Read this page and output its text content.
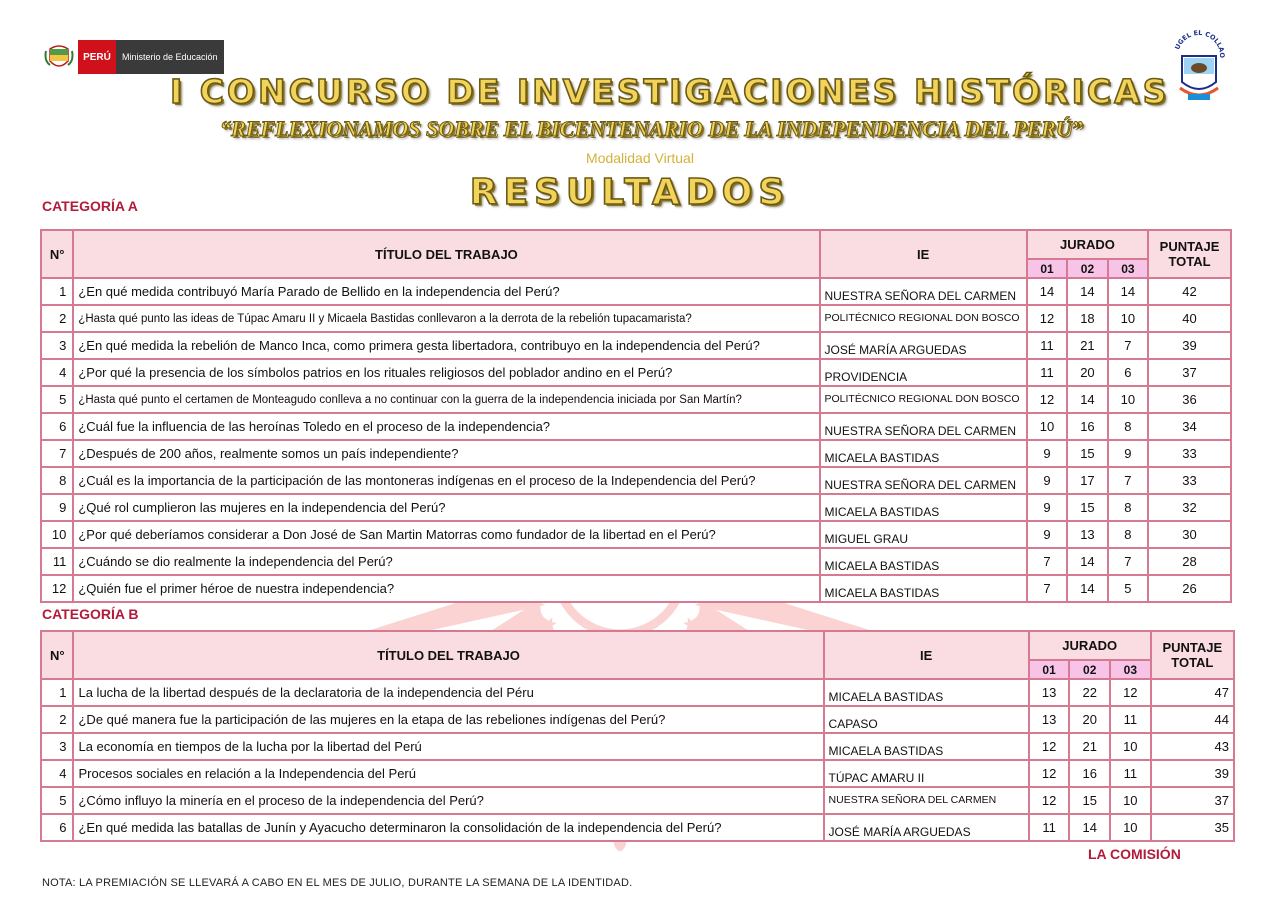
PERÚ	Ministerio de Educación
UGEL EL COLLAO
I CONCURSO DE INVESTIGACIONES HISTÓRICAS
“REFLEXIONAMOS SOBRE EL BICENTENARIO DE LA INDEPENDENCIA DEL PERÚ”
Modalidad Virtual
RESULTADOS
CATEGORÍA A
N°	TÍTULO DEL TRABAJO	IE	JURADO			PUNTAJE TOTAL
			01	02	03	
1	¿En qué medida contribuyó María Parado de Bellido en la independencia del Perú?	NUESTRA SEÑORA DEL CARMEN	14	14	14	42
2	¿Hasta qué punto las ideas de Túpac Amaru II y Micaela Bastidas conllevaron a la derrota de la rebelión tupacamarista?	POLITÉCNICO REGIONAL DON BOSCO	12	18	10	40
3	¿En qué medida la rebelión de Manco Inca, como primera gesta libertadora, contribuyo en la independencia del Perú?	JOSÉ MARÍA ARGUEDAS	11	21	7	39
4	¿Por qué la presencia de los símbolos patrios en los rituales religiosos del poblador andino en el Perú?	PROVIDENCIA	11	20	6	37
5	¿Hasta qué punto el certamen de Monteagudo conlleva a no continuar con la guerra de la independencia iniciada por San Martín?	POLITÉCNICO REGIONAL DON BOSCO	12	14	10	36
6	¿Cuál fue la influencia de las heroínas Toledo en el proceso de la independencia?	NUESTRA SEÑORA DEL CARMEN	10	16	8	34
7	¿Después de 200 años, realmente somos un país independiente?	MICAELA BASTIDAS	9	15	9	33
8	¿Cuál es la importancia de la participación de las montoneras indígenas en el proceso de la Independencia del Perú?	NUESTRA SEÑORA DEL CARMEN	9	17	7	33
9	¿Qué rol cumplieron las mujeres en la independencia del Perú?	MICAELA BASTIDAS	9	15	8	32
10	¿Por qué deberíamos considerar a Don José de San Martin Matorras como fundador de la libertad en el Perú?	MIGUEL GRAU	9	13	8	30
11	¿Cuándo se dio realmente la independencia del Perú?	MICAELA BASTIDAS	7	14	7	28
12	¿Quién fue el primer héroe de nuestra independencia?	MICAELA BASTIDAS	7	14	5	26
CATEGORÍA B
N°	TÍTULO DEL TRABAJO	IE	JURADO			PUNTAJE TOTAL
			01	02	03	
1	La lucha de la libertad después de la declaratoria de la independencia del Péru	MICAELA BASTIDAS	13	22	12	47
2	¿De qué manera fue la participación de las mujeres en la etapa de las rebeliones indígenas del Perú?	CAPASO	13	20	11	44
3	La economía en tiempos de la lucha por la libertad del Perú	MICAELA BASTIDAS	12	21	10	43
4	Procesos sociales en relación a la Independencia del Perú	TÚPAC AMARU II	12	16	11	39
5	¿Cómo influyo la minería en el proceso de la independencia del Perú?	NUESTRA SEÑORA DEL CARMEN	12	15	10	37
6	¿En qué medida las batallas de Junín y Ayacucho determinaron la consolidación de la independencia del Perú?	JOSÉ MARÍA ARGUEDAS	11	14	10	35
LA COMISIÓN
NOTA: LA PREMIACIÓN SE LLEVARÁ A CABO EN EL MES DE JULIO, DURANTE LA SEMANA DE LA IDENTIDAD.
